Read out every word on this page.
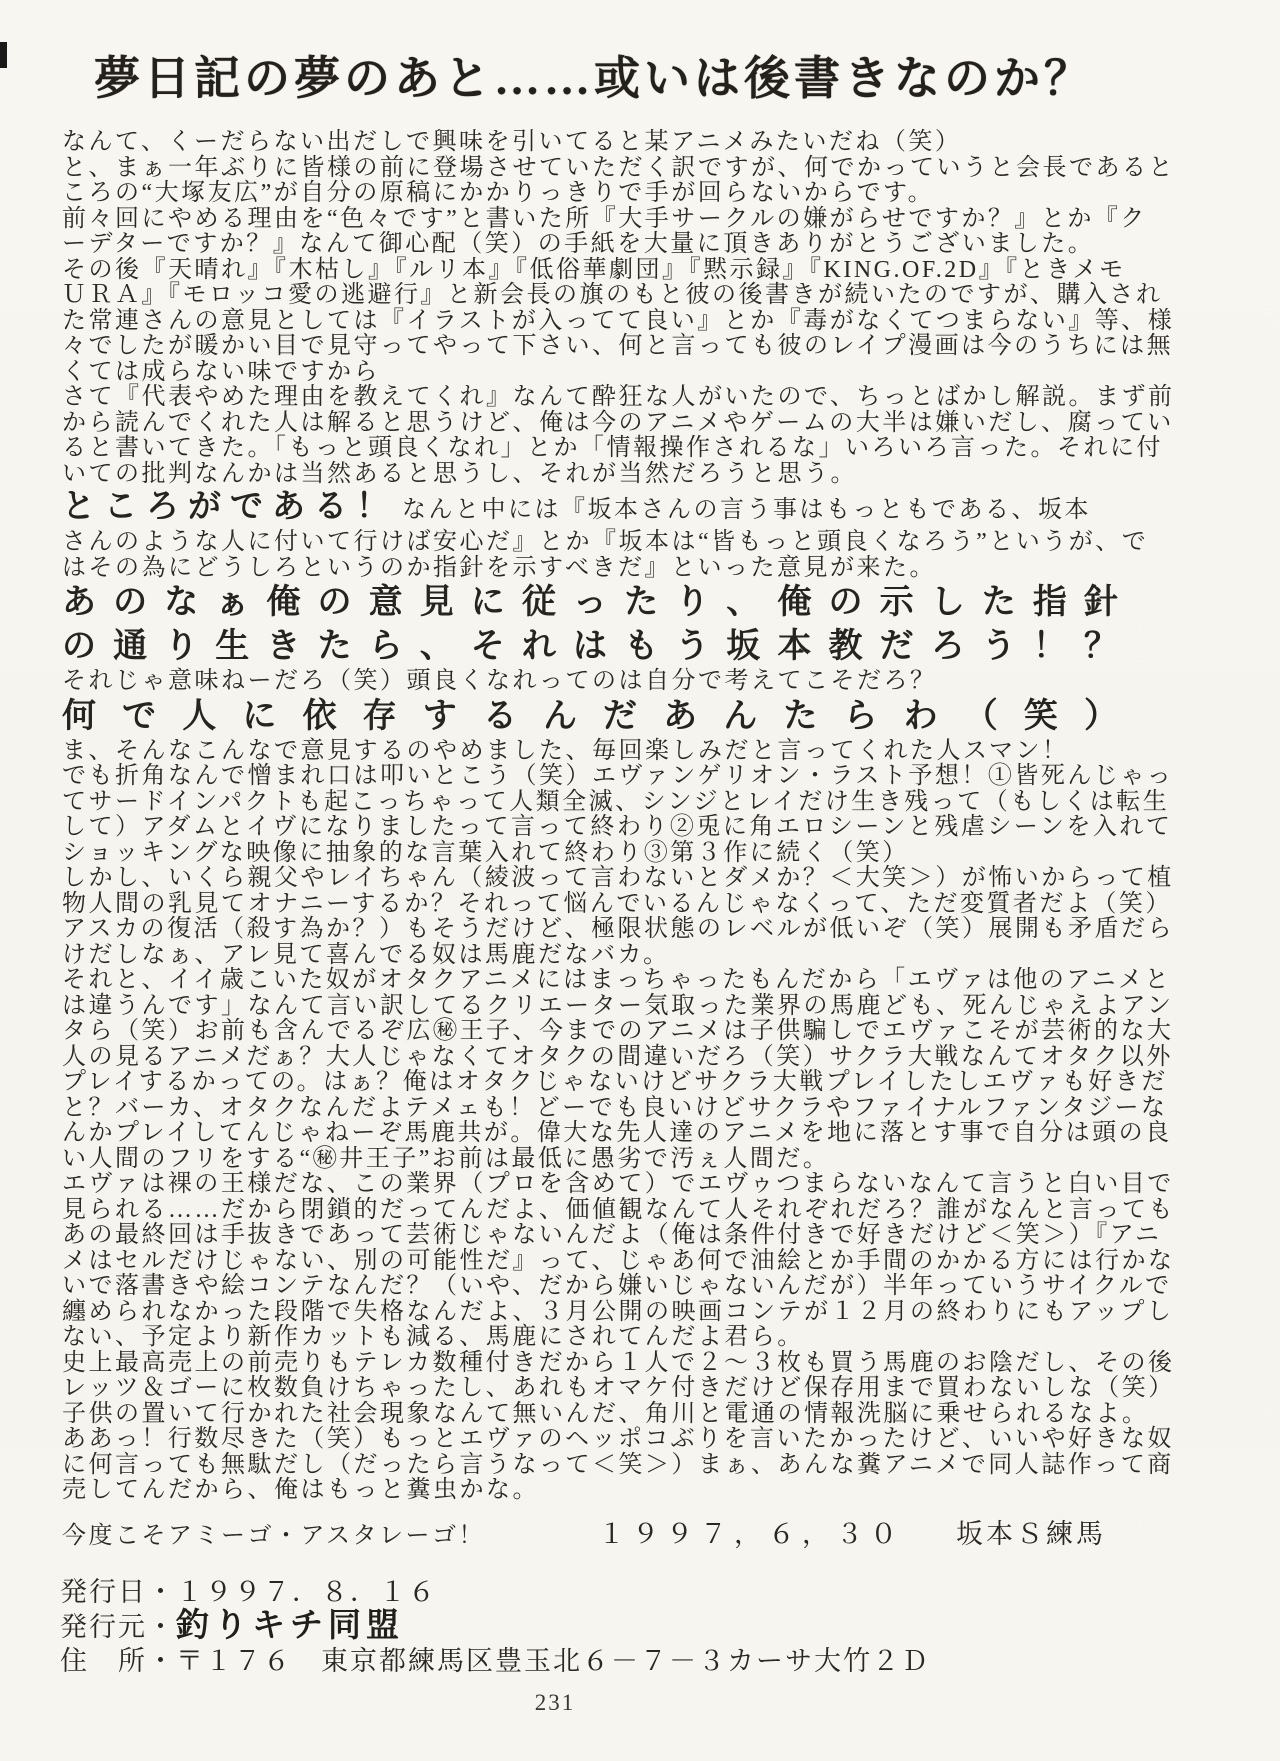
夢日記の夢のあと……或いは後書きなのか？
なんて、くーだらない出だしで興味を引いてると某アニメみたいだね（笑）
と、まぁ一年ぶりに皆様の前に登場させていただく訳ですが、何でかっていうと会長であると
ころの“大塚友広”が自分の原稿にかかりっきりで手が回らないからです。
前々回にやめる理由を“色々です”と書いた所『大手サークルの嫌がらせですか？』とか『ク
ーデターですか？』なんて御心配（笑）の手紙を大量に頂きありがとうございました。
その後『天晴れ』『木枯し』『ルリ本』『低俗華劇団』『黙示録』『KING.OF.2D』『ときメモ
ＵＲＡ』『モロッコ愛の逃避行』と新会長の旗のもと彼の後書きが続いたのですが、購入され
た常連さんの意見としては『イラストが入ってて良い』とか『毒がなくてつまらない』等、様
々でしたが暖かい目で見守ってやって下さい、何と言っても彼のレイプ漫画は今のうちには無
くては成らない味ですから
さて『代表やめた理由を教えてくれ』なんて酔狂な人がいたので、ちっとばかし解説。まず前
から読んでくれた人は解ると思うけど、俺は今のアニメやゲームの大半は嫌いだし、腐ってい
ると書いてきた。「もっと頭良くなれ」とか「情報操作されるな」いろいろ言った。それに付
いての批判なんかは当然あると思うし、それが当然だろうと思う。
ところがである！ なんと中には『坂本さんの言う事はもっともである、坂本
さんのような人に付いて行けば安心だ』とか『坂本は“皆もっと頭良くなろう”というが、で
はその為にどうしろというのか指針を示すべきだ』といった意見が来た。
あのなぁ俺の意見に従ったり、俺の示した指針
の通り生きたら、それはもう坂本教だろう！？
それじゃ意味ねーだろ（笑）頭良くなれってのは自分で考えてこそだろ？
何で人に依存するんだあんたらわ（笑）
ま、そんなこんなで意見するのやめました、毎回楽しみだと言ってくれた人スマン！
でも折角なんで憎まれ口は叩いとこう（笑）エヴァンゲリオン・ラスト予想！①皆死んじゃっ
てサードインパクトも起こっちゃって人類全滅、シンジとレイだけ生き残って（もしくは転生
して）アダムとイヴになりましたって言って終わり②兎に角エロシーンと残虐シーンを入れて
ショッキングな映像に抽象的な言葉入れて終わり③第３作に続く（笑）
しかし、いくら親父やレイちゃん（綾波って言わないとダメか？＜大笑＞）が怖いからって植
物人間の乳見てオナニーするか？それって悩んでいるんじゃなくって、ただ変質者だよ（笑）
アスカの復活（殺す為か？）もそうだけど、極限状態のレベルが低いぞ（笑）展開も矛盾だら
けだしなぁ、アレ見て喜んでる奴は馬鹿だなバカ。
それと、イイ歳こいた奴がオタクアニメにはまっちゃったもんだから「エヴァは他のアニメと
は違うんです」なんて言い訳してるクリエーター気取った業界の馬鹿ども、死んじゃえよアン
タら（笑）お前も含んでるぞ広㊙王子、今までのアニメは子供騙しでエヴァこそが芸術的な大
人の見るアニメだぁ？大人じゃなくてオタクの間違いだろ（笑）サクラ大戦なんてオタク以外
プレイするかっての。はぁ？俺はオタクじゃないけどサクラ大戦プレイしたしエヴァも好きだ
と？バーカ、オタクなんだよテメェも！どーでも良いけどサクラやファイナルファンタジーな
んかプレイしてんじゃねーぞ馬鹿共が。偉大な先人達のアニメを地に落とす事で自分は頭の良
い人間のフリをする“㊙井王子”お前は最低に愚劣で汚ぇ人間だ。
エヴァは裸の王様だな、この業界（プロを含めて）でエヴゥつまらないなんて言うと白い目で
見られる……だから閉鎖的だってんだよ、価値観なんて人それぞれだろ？誰がなんと言っても
あの最終回は手抜きであって芸術じゃないんだよ（俺は条件付きで好きだけど＜笑＞）『アニ
メはセルだけじゃない、別の可能性だ』って、じゃあ何で油絵とか手間のかかる方には行かな
いで落書きや絵コンテなんだ？（いや、だから嫌いじゃないんだが）半年っていうサイクルで
纏められなかった段階で失格なんだよ、３月公開の映画コンテが１２月の終わりにもアップし
ない、予定より新作カットも減る、馬鹿にされてんだよ君ら。
史上最高売上の前売りもテレカ数種付きだから１人で２～３枚も買う馬鹿のお陰だし、その後
レッツ＆ゴーに枚数負けちゃったし、あれもオマケ付きだけど保存用まで買わないしな（笑）
子供の置いて行かれた社会現象なんて無いんだ、角川と電通の情報洗脳に乗せられるなよ。
ああっ！行数尽きた（笑）もっとエヴァのヘッポコぶりを言いたかったけど、いいや好きな奴
に何言っても無駄だし（だったら言うなって＜笑＞）まぁ、あんな糞アニメで同人誌作って商
売してんだから、俺はもっと糞虫かな。
今度こそアミーゴ・アスタレーゴ！	１９９７，６，３０ 坂本Ｓ練馬
発行日・１９９７．８．１６
発行元・釣りキチ同盟
住　所・〒１７６　東京都練馬区豊玉北６－７－３カーサ大竹２Ｄ
231
